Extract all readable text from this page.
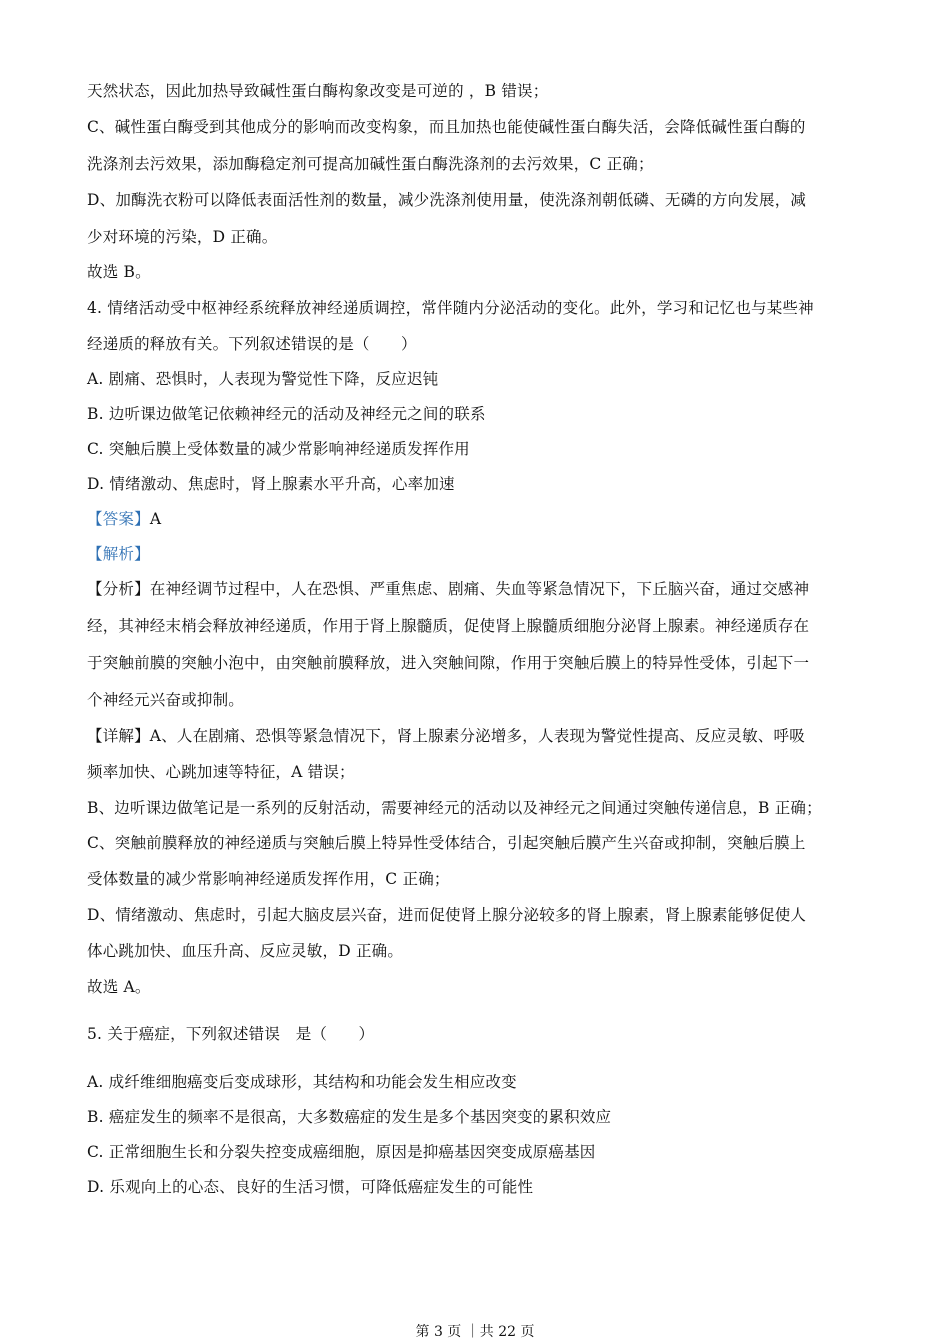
天然状态，因此加热导致碱性蛋白酶构象改变是可逆的 ，B 错误；
C、碱性蛋白酶受到其他成分的影响而改变构象，而且加热也能使碱性蛋白酶失活，会降低碱性蛋白酶的
洗涤剂去污效果，添加酶稳定剂可提高加碱性蛋白酶洗涤剂的去污效果，C 正确；
D、加酶洗衣粉可以降低表面活性剂的数量，减少洗涤剂使用量，使洗涤剂朝低磷、无磷的方向发展，减
少对环境的污染，D 正确。
故选 B。
4. 情绪活动受中枢神经系统释放神经递质调控，常伴随内分泌活动的变化。此外，学习和记忆也与某些神
经递质的释放有关。下列叙述错误的是（　　）
A. 剧痛、恐惧时，人表现为警觉性下降，反应迟钝
B. 边听课边做笔记依赖神经元的活动及神经元之间的联系
C. 突触后膜上受体数量的减少常影响神经递质发挥作用
D. 情绪激动、焦虑时，肾上腺素水平升高，心率加速
【答案】A
【解析】
【分析】在神经调节过程中，人在恐惧、严重焦虑、剧痛、失血等紧急情况下，下丘脑兴奋，通过交感神
经，其神经末梢会释放神经递质，作用于肾上腺髓质，促使肾上腺髓质细胞分泌肾上腺素。神经递质存在
于突触前膜的突触小泡中，由突触前膜释放，进入突触间隙，作用于突触后膜上的特异性受体，引起下一
个神经元兴奋或抑制。
【详解】A、人在剧痛、恐惧等紧急情况下，肾上腺素分泌增多，人表现为警觉性提高、反应灵敏、呼吸
频率加快、心跳加速等特征，A 错误；
B、边听课边做笔记是一系列的反射活动，需要神经元的活动以及神经元之间通过突触传递信息，B 正确；
C、突触前膜释放的神经递质与突触后膜上特异性受体结合，引起突触后膜产生兴奋或抑制，突触后膜上
受体数量的减少常影响神经递质发挥作用，C 正确；
D、情绪激动、焦虑时，引起大脑皮层兴奋，进而促使肾上腺分泌较多的肾上腺素，肾上腺素能够促使人
体心跳加快、血压升高、反应灵敏，D 正确。
故选 A。
5. 关于癌症，下列叙述错误　是（　　）
A. 成纤维细胞癌变后变成球形，其结构和功能会发生相应改变
B. 癌症发生的频率不是很高，大多数癌症的发生是多个基因突变的累积效应
C. 正常细胞生长和分裂失控变成癌细胞，原因是抑癌基因突变成原癌基因
D. 乐观向上的心态、良好的生活习惯，可降低癌症发生的可能性
第 3 页 ｜共 22 页
